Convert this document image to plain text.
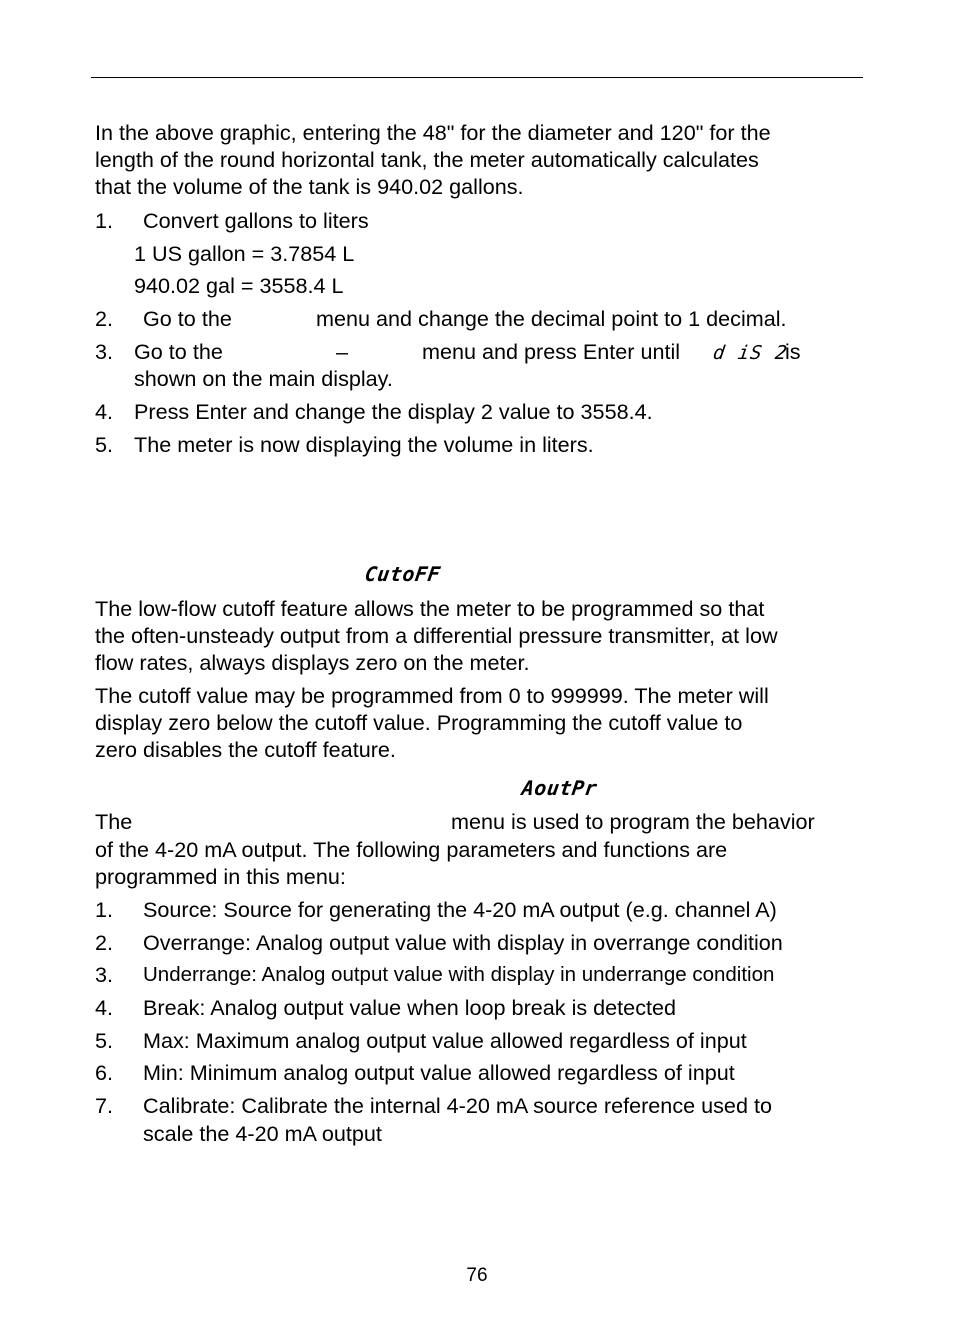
In the above graphic, entering the 48" for the diameter and 120" for the
length of the round horizontal tank, the meter automatically calculates
that the volume of the tank is 940.02 gallons.
1. Convert gallons to liters
1 US gallon = 3.7854 L
940.02 gal = 3558.4 L
2. Go to the	menu and change the decimal point to 1 decimal.
3. Go to the	–	menu and press Enter until d iS 2
is
shown on the main display.
4. Press Enter and change the display 2 value to 3558.4.
5. The meter is now displaying the volume in liters.
CutoFF
The low-flow cutoff feature allows the meter to be programmed so that
the often-unsteady output from a differential pressure transmitter, at low
flow rates, always displays zero on the meter.
The cutoff value may be programmed from 0 to 999999. The meter will
display zero below the cutoff value. Programming the cutoff value to
zero disables the cutoff feature.
AoutPr
The	menu is used to program the behavior
of the 4-20 mA output. The following parameters and functions are
programmed in this menu:
1. Source: Source for generating the 4-20 mA output (e.g. channel A)
2. Overrange: Analog output value with display in overrange condition
3. Underrange: Analog output value with display in underrange condition
4. Break: Analog output value when loop break is detected
5. Max: Maximum analog output value allowed regardless of input
6. Min: Minimum analog output value allowed regardless of input
7. Calibrate: Calibrate the internal 4-20 mA source reference used to
scale the 4-20 mA output
76
